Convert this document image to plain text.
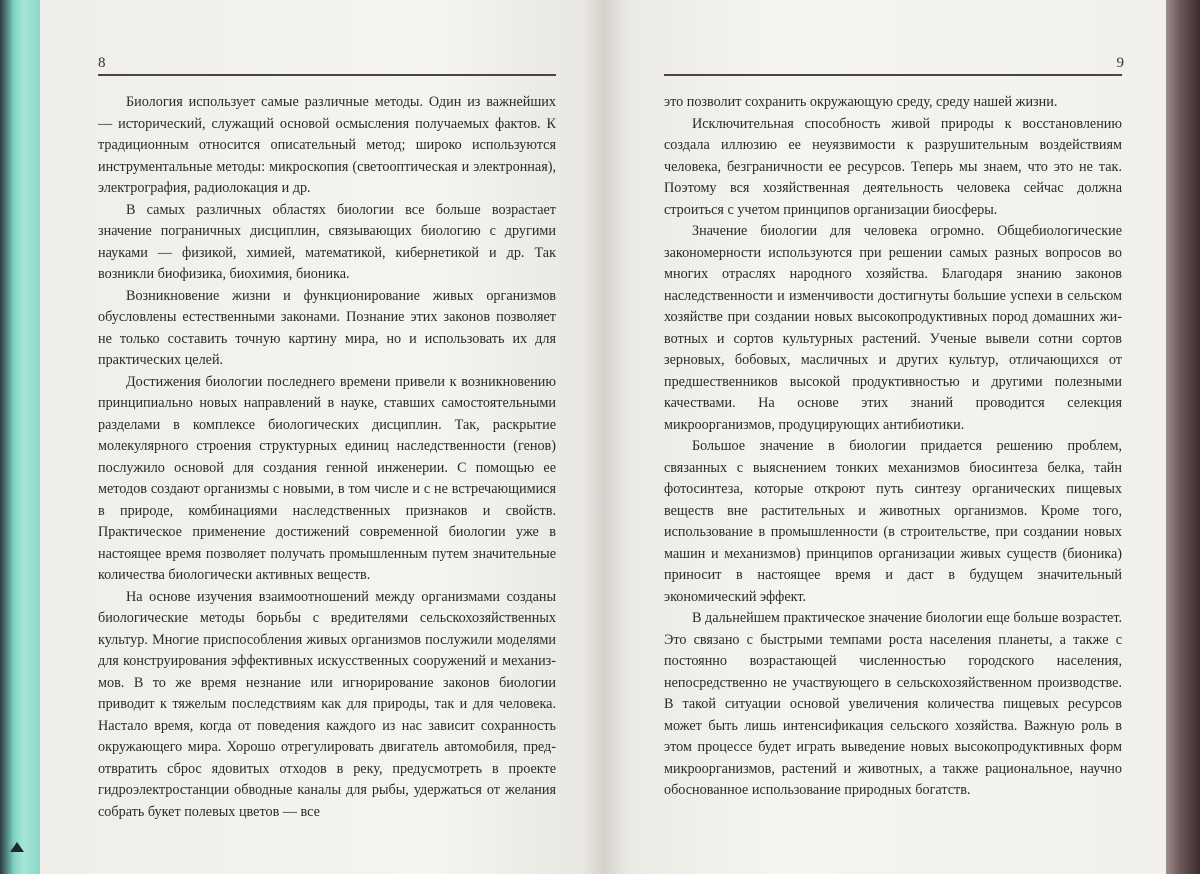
8

Биология использует самые различные методы. Один из важнейших — исторический, служащий основой осмысления получаемых фактов. К традиционным относится описательный метод; широко используются инструментальные методы: микроскопия (светооптическая и электронная), электрография, радиолокация и др.

В самых различных областях биологии все больше возрастает значение пограничных дисциплин, связывающих биологию с другими науками — физикой, химией, математикой, кибернетикой и др. Так возникли биофизика, биохимия, бионика.

Возникновение жизни и функционирование живых организмов обусловлены естественными законами. Познание этих законов позволяет не только составить точную картину мира, но и использовать их для практических целей.

Достижения биологии последнего времени привели к возникновению принципиально новых направлений в науке, ставших самостоятельными разделами в комплексе биологических дисциплин. Так, раскрытие молекулярного строения структурных единиц наследственности (генов) послужило основой для создания генной инженерии. С помощью ее методов создают организмы с новыми, в том числе и с не встречающимися в природе, комбинациями наследственных признаков и свойств. Практическое применение достижений современной биологии уже в настоящее время позволяет получать промышленным путем значительные количества биологически активных веществ.

На основе изучения взаимоотношений между организмами созданы биологические методы борьбы с вредителями сельскохозяйственных культур. Многие приспособления живых организмов послужили моделями для конструирования эффективных искусственных сооружений и механизмов. В то же время незнание или игнорирование законов биологии приводит к тяжелым последствиям как для природы, так и для человека. Настало время, когда от поведения каждого из нас зависит сохранность окружающего мира. Хорошо отрегулировать двигатель автомобиля, предотвратить сброс ядовитых отходов в реку, предусмотреть в проекте гидроэлектростанции обводные каналы для рыбы, удержаться от желания собрать букет полевых цветов — все

9

это позволит сохранить окружающую среду, среду нашей жизни.

Исключительная способность живой природы к восстановлению создала иллюзию ее неуязвимости к разрушительным воздействиям человека, безграничности ее ресурсов. Теперь мы знаем, что это не так. Поэтому вся хозяйственная деятельность человека сейчас должна строиться с учетом принципов организации биосферы.

Значение биологии для человека огромно. Общебиологические закономерности используются при решении самых разных вопросов во многих отраслях народного хозяйства. Благодаря знанию законов наследственности и изменчивости достигнуты большие успехи в сельском хозяйстве при создании новых высокопродуктивных пород домашних животных и сортов культурных растений. Ученые вывели сотни сортов зерновых, бобовых, масличных и других культур, отличающихся от предшественников высокой продуктивностью и другими полезными качествами. На основе этих знаний проводится селекция микроорганизмов, продуцирующих антибиотики.

Большое значение в биологии придается решению проблем, связанных с выяснением тонких механизмов биосинтеза белка, тайн фотосинтеза, которые откроют путь синтезу органических пищевых веществ вне растительных и животных организмов. Кроме того, использование в промышленности (в строительстве, при создании новых машин и механизмов) принципов организации живых существ (бионика) приносит в настоящее время и даст в будущем значительный экономический эффект.

В дальнейшем практическое значение биологии еще больше возрастет. Это связано с быстрыми темпами роста населения планеты, а также с постоянно возрастающей численностью городского населения, непосредственно не участвующего в сельскохозяйственном производстве. В такой ситуации основой увеличения количества пищевых ресурсов может быть лишь интенсификация сельского хозяйства. Важную роль в этом процессе будет играть выведение новых высокопродуктивных форм микроорганизмов, растений и животных, а также рациональное, научно обоснованное использование природных богатств.
